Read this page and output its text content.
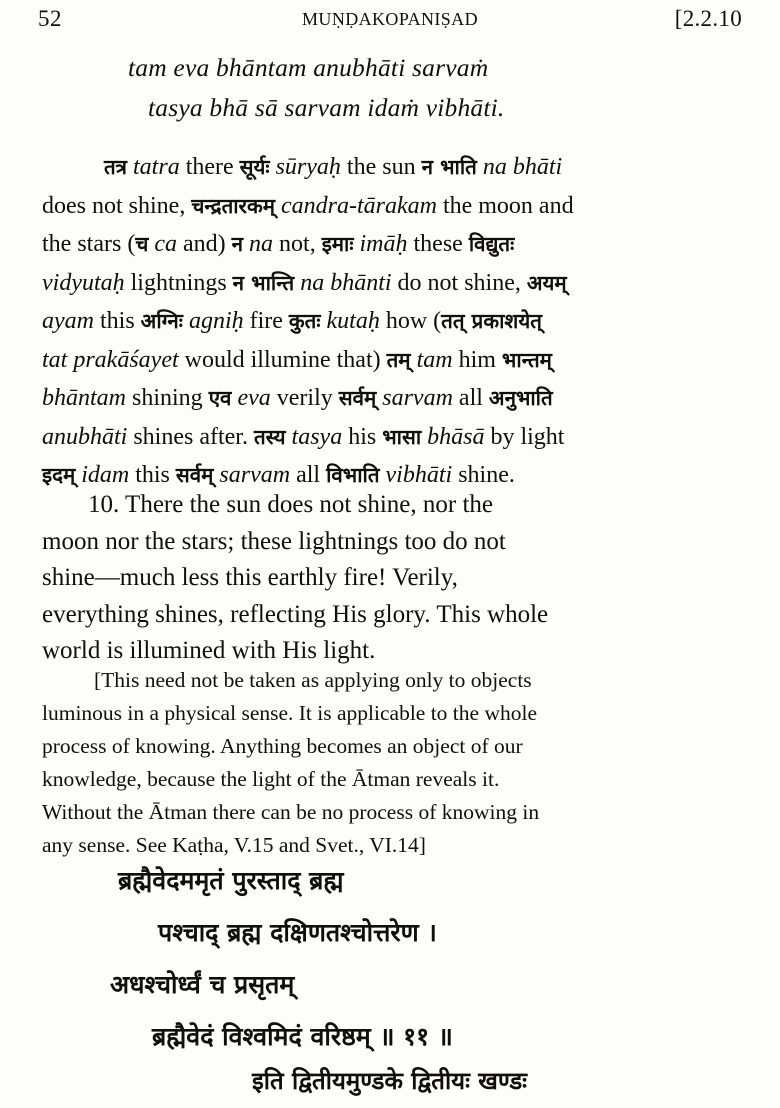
52	MUṆḌAKOPANIṢAD	[2.2.10
tam eva bhāntam anubhāti sarvaṁ
tasya bhā sā sarvam idaṁ vibhāti.
तत्र tatra there सूर्यः sūryaḥ the sun न भाति na bhāti
does not shine, चन्द्रतारकम् candra-tārakam the moon and
the stars (च ca and) न na not, इमाः imāḥ these विद्युतः
vidyutaḥ lightnings न भान्ति na bhānti do not shine, अयम्
ayam this अग्निः agniḥ fire कुतः kutaḥ how (तत् प्रकाशयेत्
tat prakāśayet would illumine that) तम् tam him भान्तम्
bhāntam shining एव eva verily सर्वम् sarvam all अनुभाति
anubhāti shines after. तस्य tasya his भासा bhāsā by light
इदम् idam this सर्वम् sarvam all विभाति vibhāti shine.
10. There the sun does not shine, nor the
moon nor the stars; these lightnings too do not
shine—much less this earthly fire! Verily,
everything shines, reflecting His glory. This whole
world is illumined with His light.
[This need not be taken as applying only to objects
luminous in a physical sense. It is applicable to the whole
process of knowing. Anything becomes an object of our
knowledge, because the light of the Ātman reveals it.
Without the Ātman there can be no process of knowing in
any sense. See Kaṭha, V.15 and Svet., VI.14]
ब्रह्मैवेदममृतं पुरस्ताद् ब्रह्म
पश्चाद् ब्रह्म दक्षिणतश्चोत्तरेण ।
अधश्चोर्ध्वं च प्रसृतम्
ब्रह्मैवेदं विश्वमिदं वरिष्ठम् ॥ ११ ॥
इति द्वितीयमुण्डके द्वितीयः खण्डः
